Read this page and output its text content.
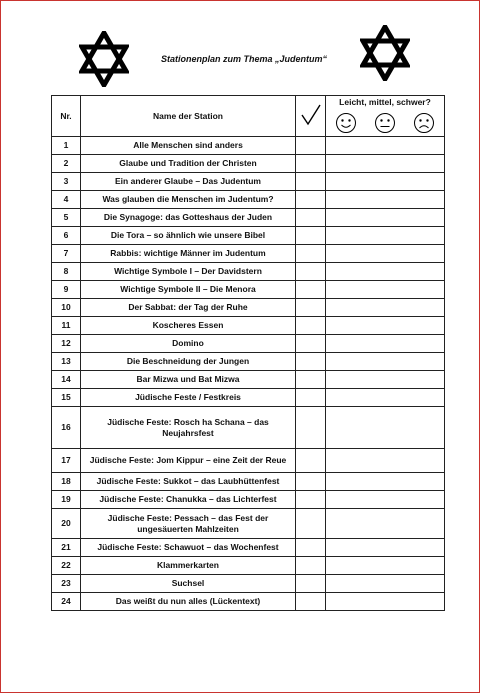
Stationenplan zum Thema „Judentum“
Nr.	Name der Station		Leicht, mittel, schwer?

1	Alle Menschen sind anders		
2	Glaube und Tradition der Christen		
3	Ein anderer Glaube – Das Judentum		
4	Was glauben die Menschen im Judentum?		
5	Die Synagoge: das Gotteshaus der Juden		
6	Die Tora – so ähnlich wie unsere Bibel		
7	Rabbis: wichtige Männer im Judentum		
8	Wichtige Symbole I – Der Davidstern		
9	Wichtige Symbole II – Die Menora		
10	Der Sabbat: der Tag der Ruhe		
11	Koscheres Essen		
12	Domino		
13	Die Beschneidung der Jungen		
14	Bar Mizwa und Bat Mizwa		
15	Jüdische Feste / Festkreis		
16	Jüdische Feste: Rosch ha Schana – das Neujahrsfest		
17	Jüdische Feste: Jom Kippur – eine Zeit der Reue		
18	Jüdische Feste: Sukkot – das Laubhüttenfest		
19	Jüdische Feste: Chanukka – das Lichterfest		
20	Jüdische Feste: Pessach – das Fest der ungesäuerten Mahlzeiten		
21	Jüdische Feste: Schawuot – das Wochenfest		
22	Klammerkarten		
23	Suchsel		
24	Das weißt du nun alles (Lückentext)		
